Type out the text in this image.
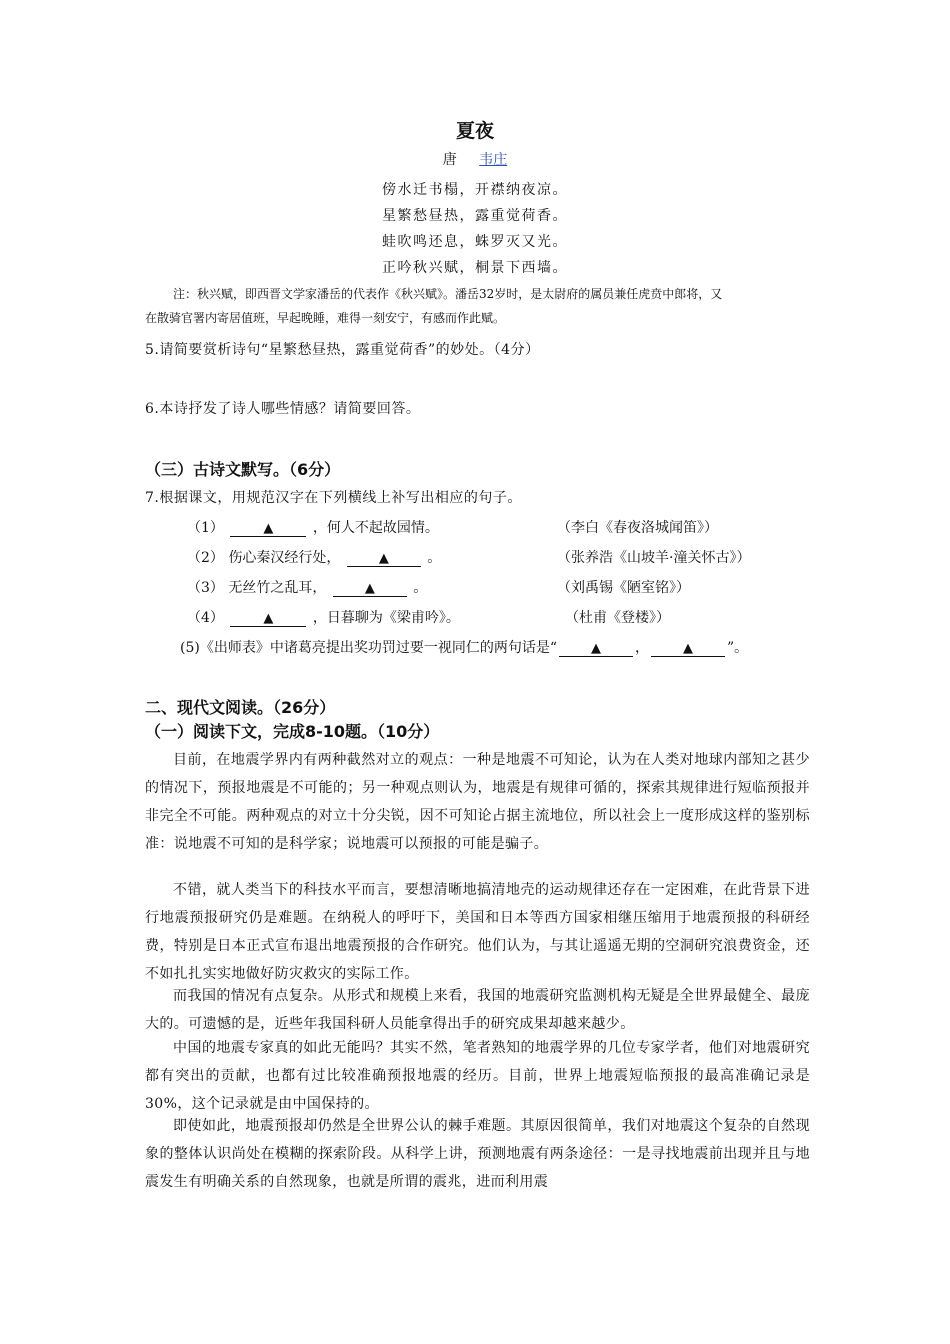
夏夜
唐 韦庄
傍水迁书榻，开襟纳夜凉。
星繁愁昼热，露重觉荷香。
蛙吹鸣还息，蛛罗灭又光。
正吟秋兴赋，桐景下西墙。
注：秋兴赋，即西晋文学家潘岳的代表作《秋兴赋》。潘岳32岁时，是太尉府的属员兼任虎贲中郎将，又
在散骑官署内寄居值班，早起晚睡，难得一刻安宁，有感而作此赋。
5.请简要赏析诗句“星繁愁昼热，露重觉荷香”的妙处。（4分）
6.本诗抒发了诗人哪些情感？请简要回答。
（三）古诗文默写。（6分）
7.根据课文，用规范汉字在下列横线上补写出相应的句子。
（1）	▲	，何人不起故园情。	（李白《春夜洛城闻笛》）
（2） 伤心秦汉经行处，	▲	。	（张养浩《山坡羊·潼关怀古》）
（3） 无丝竹之乱耳，	▲	。	（刘禹锡《陋室铭》）
（4）	▲	，日暮聊为《梁甫吟》。	（杜甫《登楼》）
(5)《出师表》中诸葛亮提出奖功罚过要一视同仁的两句话是“	▲ ，	▲ ”。
二、现代文阅读。（26分）
（一）阅读下文，完成8-10题。（10分）
目前，在地震学界内有两种截然对立的观点：一种是地震不可知论，认为在人类对地球内部知之甚少的情况下，预报地震是不可能的；另一种观点则认为，地震是有规律可循的，探索其规律进行短临预报并非完全不可能。两种观点的对立十分尖锐，因不可知论占据主流地位，所以社会上一度形成这样的鉴别标准：说地震不可知的是科学家；说地震可以预报的可能是骗子。
不错，就人类当下的科技水平而言，要想清晰地搞清地壳的运动规律还存在一定困难，在此背景下进行地震预报研究仍是难题。在纳税人的呼吁下，美国和日本等西方国家相继压缩用于地震预报的科研经费，特别是日本正式宣布退出地震预报的合作研究。他们认为，与其让遥遥无期的空洞研究浪费资金，还不如扎扎实实地做好防灾救灾的实际工作。
而我国的情况有点复杂。从形式和规模上来看，我国的地震研究监测机构无疑是全世界最健全、最庞大的。可遗憾的是，近些年我国科研人员能拿得出手的研究成果却越来越少。
中国的地震专家真的如此无能吗？其实不然，笔者熟知的地震学界的几位专家学者，他们对地震研究都有突出的贡献，也都有过比较准确预报地震的经历。目前，世界上地震短临预报的最高准确记录是30%，这个记录就是由中国保持的。
即使如此，地震预报却仍然是全世界公认的棘手难题。其原因很简单，我们对地震这个复杂的自然现象的整体认识尚处在模糊的探索阶段。从科学上讲，预测地震有两条途径：一是寻找地震前出现并且与地震发生有明确关系的自然现象，也就是所谓的震兆，进而利用震
